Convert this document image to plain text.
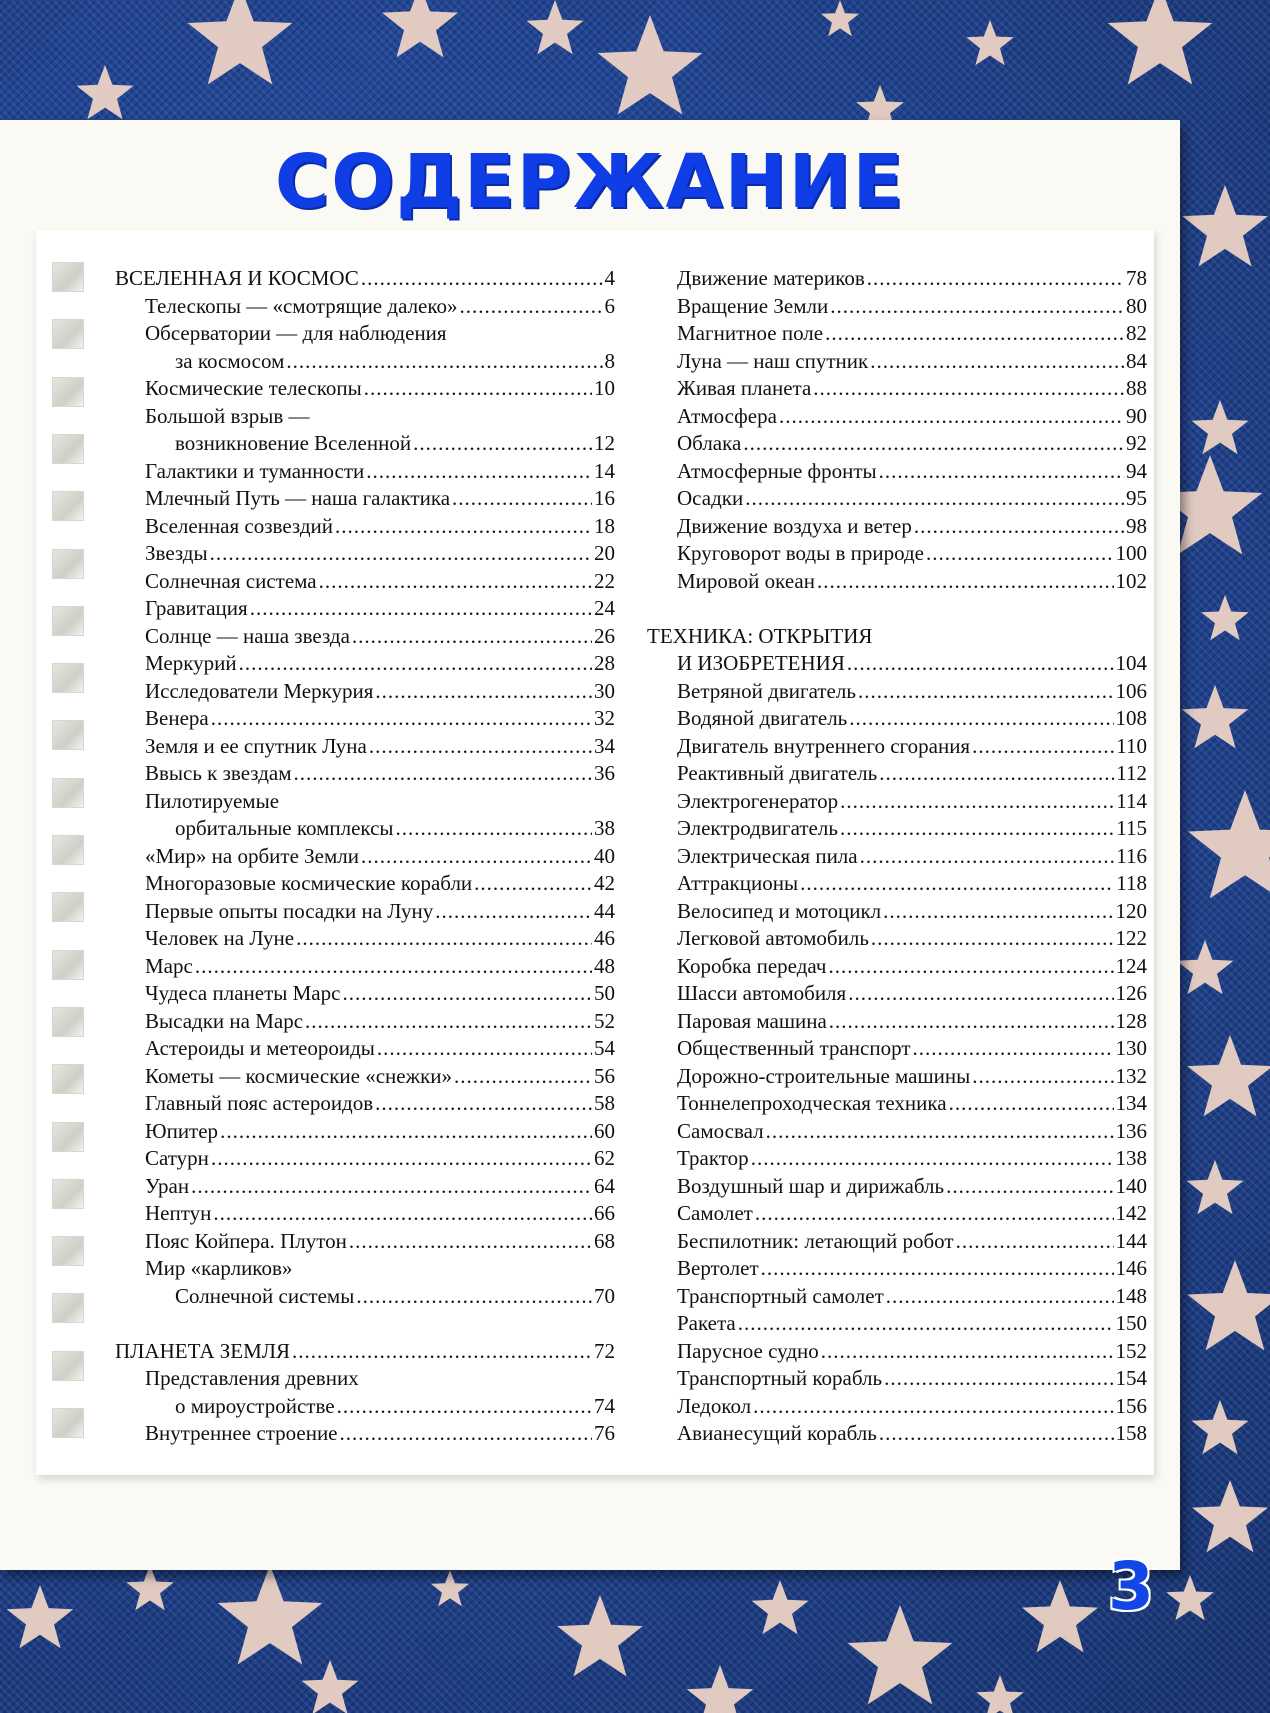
СОДЕРЖАНИЕ
ВСЕЛЕННАЯ И КОСМОС .....	4
Телескопы — «смотрящие далеко» .....	6
Обсерватории — для наблюдения
за космосом .....	8
Космические телескопы .....	10
Большой взрыв —
возникновение Вселенной .....	12
Галактики и туманности .....	14
Млечный Путь — наша галактика .....	16
Вселенная созвездий .....	18
Звезды .....	20
Солнечная система .....	22
Гравитация .....	24
Солнце — наша звезда .....	26
Меркурий .....	28
Исследователи Меркурия .....	30
Венера .....	32
Земля и ее спутник Луна .....	34
Ввысь к звездам .....	36
Пилотируемые
орбитальные комплексы .....	38
«Мир» на орбите Земли .....	40
Многоразовые космические корабли .....	42
Первые опыты посадки на Луну .....	44
Человек на Луне .....	46
Марс .....	48
Чудеса планеты Марс .....	50
Высадки на Марс .....	52
Астероиды и метеороиды .....	54
Кометы — космические «снежки» .....	56
Главный пояс астероидов .....	58
Юпитер .....	60
Сатурн .....	62
Уран .....	64
Нептун .....	66
Пояс Койпера. Плутон .....	68
Мир «карликов»
Солнечной системы .....	70
ПЛАНЕТА ЗЕМЛЯ .....	72
Представления древних
о мироустройстве .....	74
Внутреннее строение .....	76
Движение материков .....	78
Вращение Земли .....	80
Магнитное поле .....	82
Луна — наш спутник .....	84
Живая планета .....	88
Атмосфера .....	90
Облака .....	92
Атмосферные фронты .....	94
Осадки .....	95
Движение воздуха и ветер .....	98
Круговорот воды в природе .....	100
Мировой океан .....	102
ТЕХНИКА: ОТКРЫТИЯ
И ИЗОБРЕТЕНИЯ .....	104
Ветряной двигатель .....	106
Водяной двигатель .....	108
Двигатель внутреннего сгорания .....	110
Реактивный двигатель .....	112
Электрогенератор .....	114
Электродвигатель .....	115
Электрическая пила .....	116
Аттракционы .....	118
Велосипед и мотоцикл .....	120
Легковой автомобиль .....	122
Коробка передач .....	124
Шасси автомобиля .....	126
Паровая машина .....	128
Общественный транспорт .....	130
Дорожно-строительные машины .....	132
Тоннелепроходческая техника .....	134
Самосвал .....	136
Трактор .....	138
Воздушный шар и дирижабль .....	140
Самолет .....	142
Беспилотник: летающий робот .....	144
Вертолет .....	146
Транспортный самолет .....	148
Ракета .....	150
Парусное судно .....	152
Транспортный корабль .....	154
Ледокол .....	156
Авианесущий корабль .....	158
3
